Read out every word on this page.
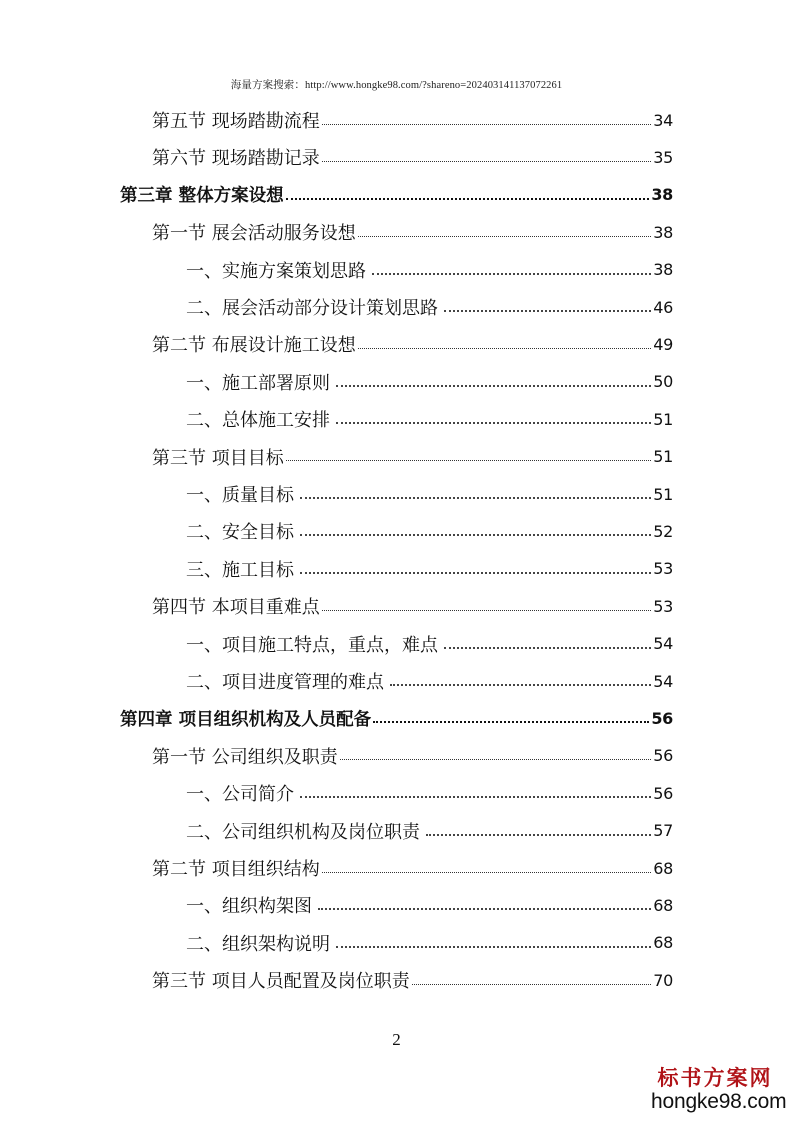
海量方案搜索：http://www.hongke98.com/?shareno=20240314113707226​1
第五节 现场踏勘流程	34
第六节 现场踏勘记录	35
第三章 整体方案设想	38
第一节 展会活动服务设想	38
一、实施方案策划思路	38
二、展会活动部分设计策划思路	46
第二节 布展设计施工设想	49
一、施工部署原则	50
二、总体施工安排	51
第三节 项目目标	51
一、质量目标	51
二、安全目标	52
三、施工目标	53
第四节 本项目重难点	53
一、项目施工特点，重点，难点	54
二、项目进度管理的难点	54
第四章 项目组织机构及人员配备	56
第一节 公司组织及职责	56
一、公司简介	56
二、公司组织机构及岗位职责	57
第二节 项目组织结构	68
一、组织构架图	68
二、组织架构说明	68
第三节 项目人员配置及岗位职责	70
2
标书方案网
hongke98.com
